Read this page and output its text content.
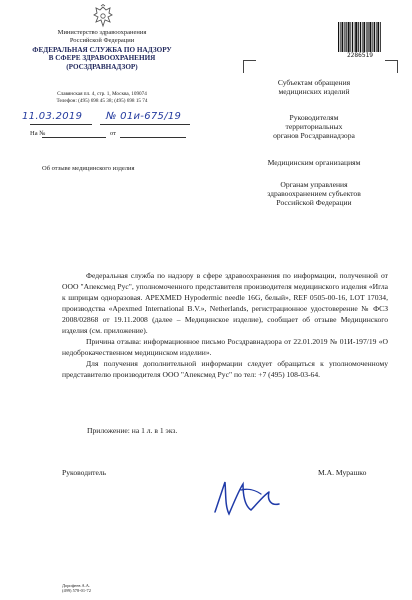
Министерство здравоохранения
Российской Федерации
ФЕДЕРАЛЬНАЯ СЛУЖБА ПО НАДЗОРУ
В СФЕРЕ ЗДРАВООХРАНЕНИЯ
(РОСЗДРАВНАДЗОР)
Славянская пл. 4, стр. 1, Москва, 109074
Телефон: (495) 698 45 38; (495) 698 15 74
11.03.2019 № 01и-675/19
На №	от
Об отзыве медицинского изделия
2286519
Субъектам обращения
медицинских изделий
Руководителям
территориальных
органов Росздравнадзора
Медицинским организациям
Органам управления
здравоохранением субъектов
Российской Федерации

Федеральная служба по надзору в сфере здравоохранения по информации, полученной от ООО "Апексмед Рус", уполномоченного представителя производителя медицинского изделия «Игла к шприцам одноразовая. APEXMED Hypodermic needle 16G, белый», REF 0505-00-16, LOT 17034, производства «Apexmed International B.V.», Netherlands, регистрационное удостоверение № ФСЗ 2008/02868 от 19.11.2008 (далее – Медицинское изделие), сообщает об отзыве Медицинского изделия (см. приложение).

Причина отзыва: информационное письмо Росздравнадзора от 22.01.2019 № 01И-197/19 «О недоброкачественном медицинском изделии».

Для получения дополнительной информации следует обращаться к уполномоченному представителю производителя ООО "Апексмед Рус" по тел: +7 (495) 108-03-64.

Приложение: на 1 л. в 1 экз.
Руководитель	М.А. Мурашко
Дорофеев А.А.
(499) 578-01-72
